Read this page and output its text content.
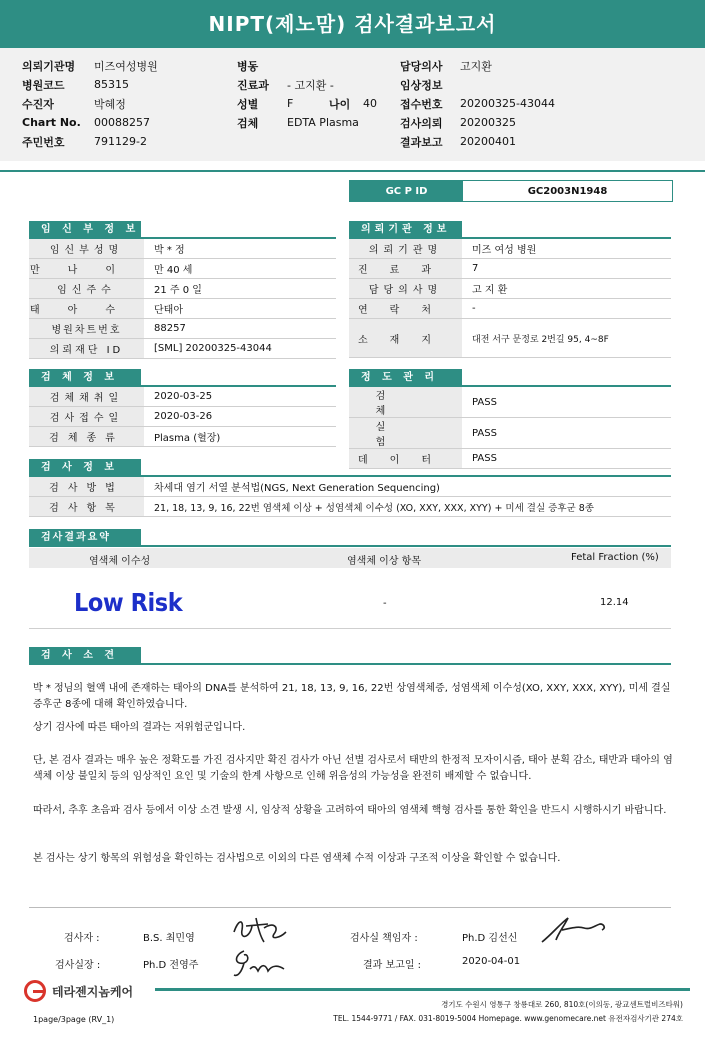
NIPT(제노맘) 검사결과보고서
의뢰기관명	미즈여성병원
병원코드	85315
수진자	박혜정
Chart No.	00088257
주민번호	791129-2
병동
진료과	- 고지환 -
성별	F	나이	40
검체	EDTA Plasma
담당의사	고지환
임상정보
접수번호	20200325-43044
검사의뢰	20200325
결과보고	20200401
GC P ID	GC2003N1948
임 신 부 정 보
임신부성명	박 * 정
만나이	만 40 세
임신주수	21 주 0 일
태아수	단태아
병원차트번호	88257
의뢰재단 ID	[SML] 20200325-43044
의뢰기관 정보
의뢰기관명	미즈 여성 병원
진료과	7
담당의사명	고 지 환
연락처	-
소재지	대전 서구 문정로 2번길 95, 4~8F
검 체 정 보
검체채취일	2020-03-25
검사접수일	2020-03-26
검체종류	Plasma (혈장)
정 도 관 리
검체	PASS
실험	PASS
데이터	PASS
검 사 정 보
검사방법	차세대 염기 서열 분석법(NGS, Next Generation Sequencing)
검사항목	21, 18, 13, 9, 16, 22번 염색체 이상 + 성염색체 이수성 (XO, XXY, XXX, XYY) + 미세 결실 증후군 8종
검사결과요약
염색체 이수성	염색체 이상 항목	Fetal Fraction (%)
Low Risk	-	12.14
검 사 소 견
박 * 정님의 혈액 내에 존재하는 태아의 DNA를 분석하여 21, 18, 13, 9, 16, 22번 상염색체증, 성염색체 이수성(XO, XXY, XXX, XYY), 미세 결실 증후군 8종에 대해 확인하였습니다.
상기 검사에 따른 태아의 결과는 저위험군입니다.
단, 본 검사 결과는 매우 높은 정확도를 가진 검사지만 확진 검사가 아닌 선별 검사로서 태반의 한정적 모자이시즘, 태아 분획 감소, 태반과 태아의 염색체 이상 불일치 등의 임상적인 요인 및 기술의 한계 사항으로 인해 위음성의 가능성을 완전히 배제할 수 없습니다.
따라서, 추후 초음파 검사 등에서 이상 소견 발생 시, 임상적 상황을 고려하여 태아의 염색체 핵형 검사를 통한 확인을 반드시 시행하시기 바랍니다.
본 검사는 상기 항목의 위험성을 확인하는 검사법으로 이외의 다른 염색체 수적 이상과 구조적 이상을 확인할 수 없습니다.
검사자 :	B.S. 최민영	검사실 책임자 :	Ph.D 김선신
검사실장 :	Ph.D 전영주	결과 보고일 :	2020-04-01
테라젠지놈케어
경기도 수원시 영통구 창룡대로 260, 810호(이의동, 광교센트럴비즈타워)
TEL. 1544-9771 / FAX. 031-8019-5004 Homepage. www.genomecare.net 유전자검사기관 274호
1page/3page (RV_1)
